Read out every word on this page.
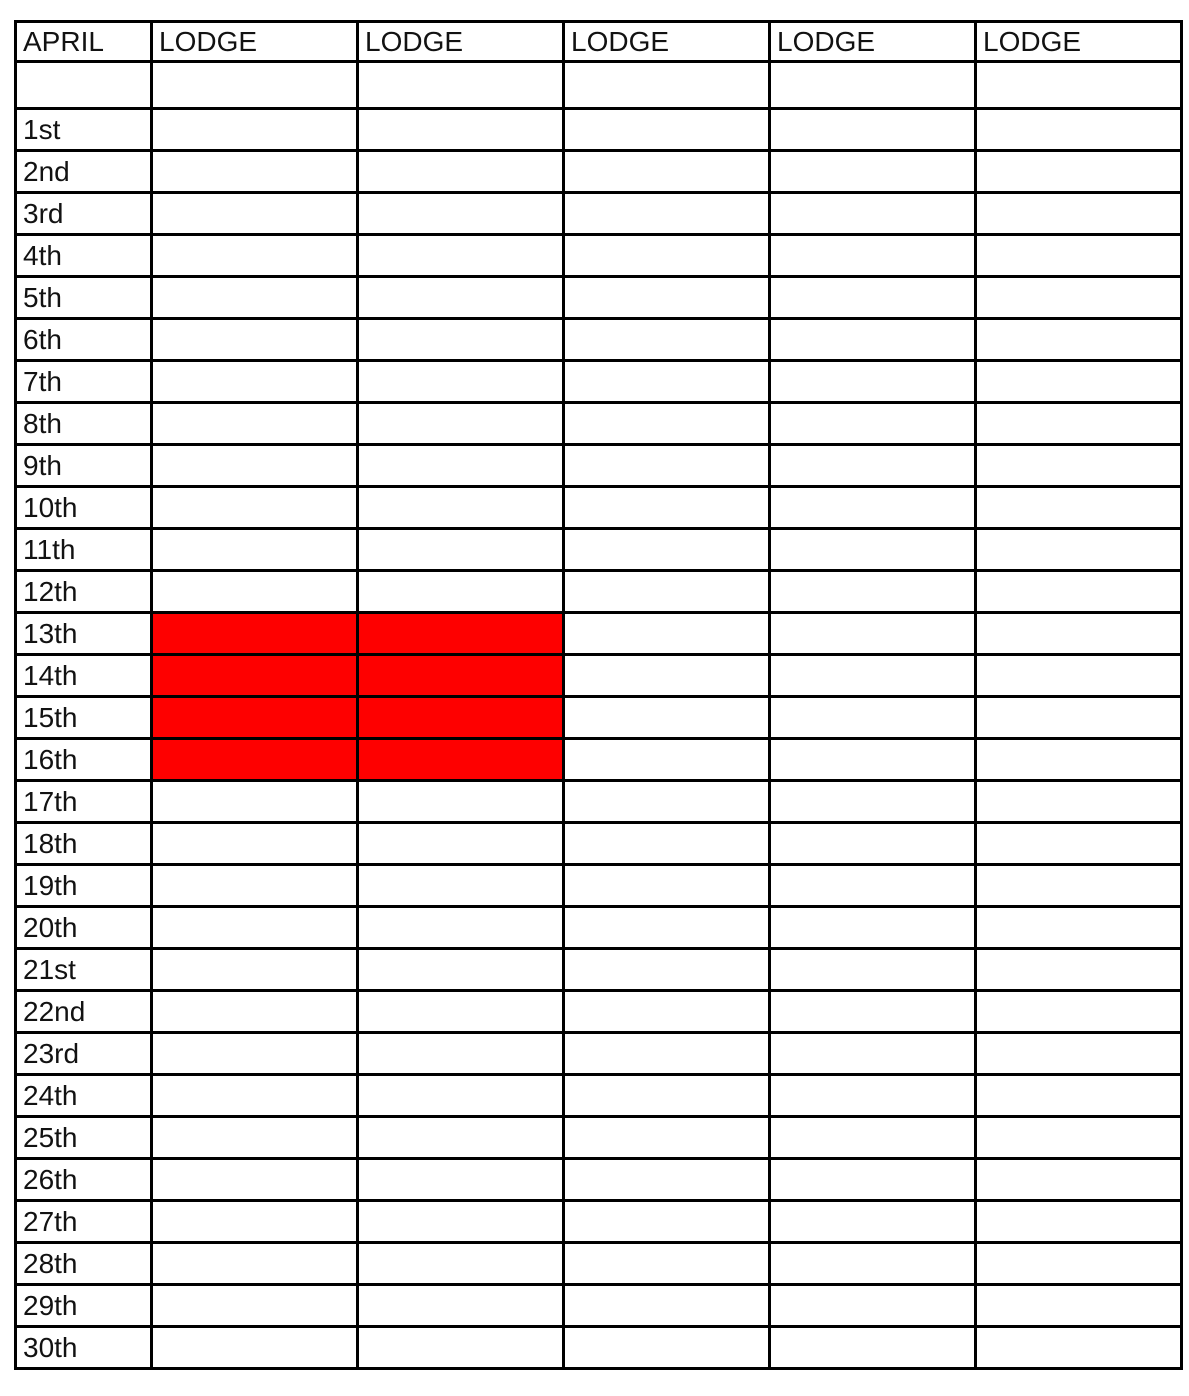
APRIL	LODGE	LODGE	LODGE	LODGE	LODGE

1st					
2nd					
3rd					
4th					
5th					
6th					
7th					
8th					
9th					
10th					
11th					
12th					
13th					
14th					
15th					
16th					
17th					
18th					
19th					
20th					
21st					
22nd					
23rd					
24th					
25th					
26th					
27th					
28th					
29th					
30th					
